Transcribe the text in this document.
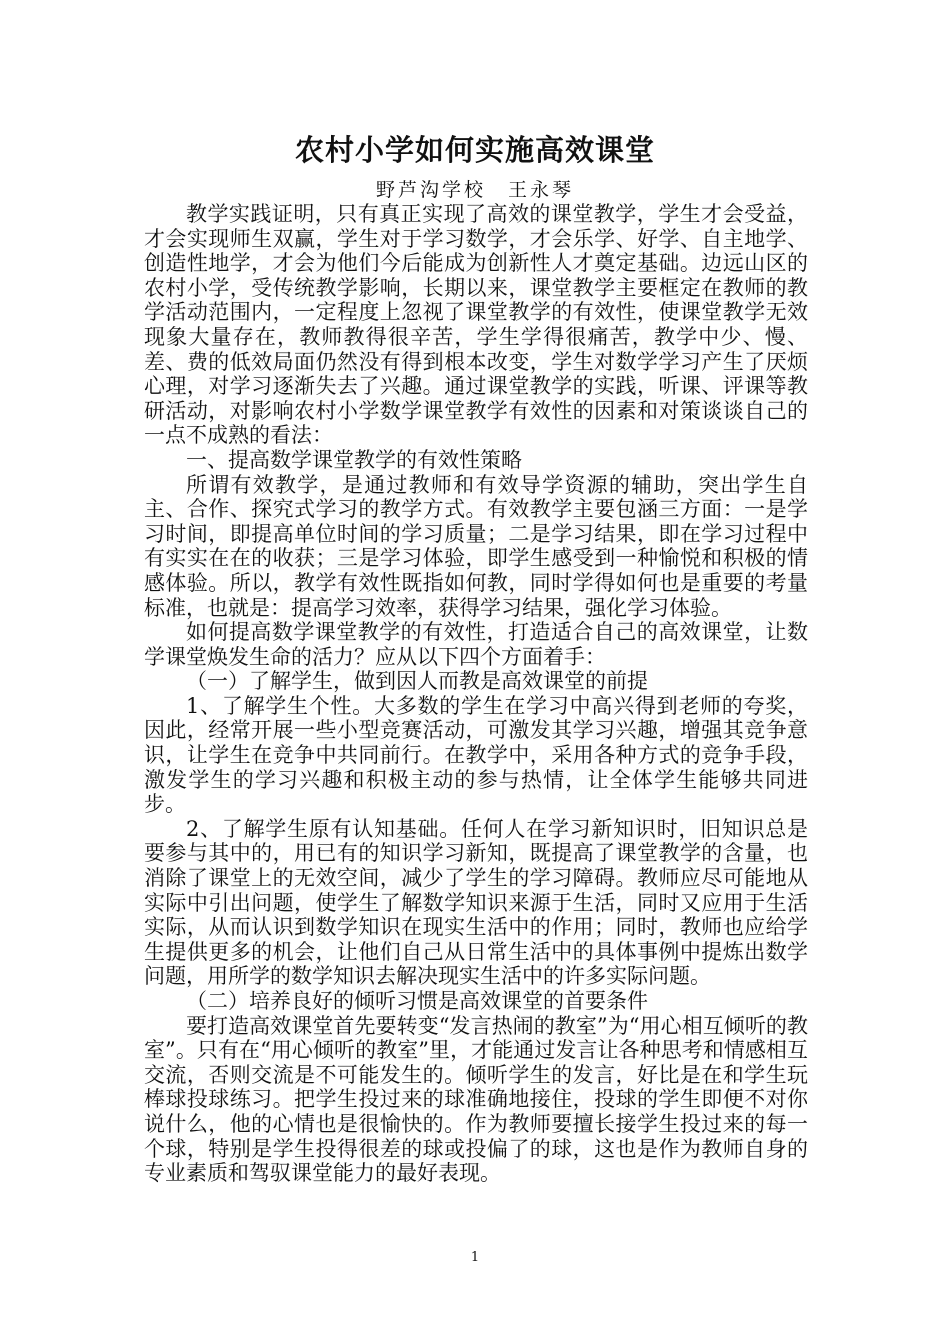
农村小学如何实施高效课堂

野芦沟学校　王永琴

教学实践证明，只有真正实现了高效的课堂教学，学生才会受益，才会实现师生双赢，学生对于学习数学，才会乐学、好学、自主地学、创造性地学，才会为他们今后能成为创新性人才奠定基础。边远山区的农村小学，受传统教学影响，长期以来，课堂教学主要框定在教师的教学活动范围内，一定程度上忽视了课堂教学的有效性，使课堂教学无效现象大量存在，教师教得很辛苦，学生学得很痛苦，教学中少、慢、差、费的低效局面仍然没有得到根本改变，学生对数学学习产生了厌烦心理，对学习逐渐失去了兴趣。通过课堂教学的实践，听课、评课等教研活动，对影响农村小学数学课堂教学有效性的因素和对策谈谈自己的一点不成熟的看法：

一、提高数学课堂教学的有效性策略

所谓有效教学，是通过教师和有效导学资源的辅助，突出学生自主、合作、探究式学习的教学方式。有效教学主要包涵三方面：一是学习时间，即提高单位时间的学习质量；二是学习结果，即在学习过程中有实实在在的收获；三是学习体验，即学生感受到一种愉悦和积极的情感体验。所以，教学有效性既指如何教，同时学得如何也是重要的考量标准，也就是：提高学习效率，获得学习结果，强化学习体验。

如何提高数学课堂教学的有效性，打造适合自己的高效课堂，让数学课堂焕发生命的活力？应从以下四个方面着手：

（一）了解学生，做到因人而教是高效课堂的前提

1、了解学生个性。大多数的学生在学习中高兴得到老师的夸奖，因此，经常开展一些小型竞赛活动，可激发其学习兴趣，增强其竞争意识，让学生在竞争中共同前行。在教学中，采用各种方式的竞争手段，激发学生的学习兴趣和积极主动的参与热情，让全体学生能够共同进步。

2、了解学生原有认知基础。任何人在学习新知识时，旧知识总是要参与其中的，用已有的知识学习新知，既提高了课堂教学的含量，也消除了课堂上的无效空间，减少了学生的学习障碍。教师应尽可能地从实际中引出问题，使学生了解数学知识来源于生活，同时又应用于生活实际，从而认识到数学知识在现实生活中的作用；同时，教师也应给学生提供更多的机会，让他们自己从日常生活中的具体事例中提炼出数学问题，用所学的数学知识去解决现实生活中的许多实际问题。

（二）培养良好的倾听习惯是高效课堂的首要条件

要打造高效课堂首先要转变“发言热闹的教室”为“用心相互倾听的教室”。只有在“用心倾听的教室”里，才能通过发言让各种思考和情感相互交流，否则交流是不可能发生的。倾听学生的发言，好比是在和学生玩棒球投球练习。把学生投过来的球准确地接住，投球的学生即便不对你说什么，他的心情也是很愉快的。作为教师要擅长接学生投过来的每一个球，特别是学生投得很差的球或投偏了的球，这也是作为教师自身的专业素质和驾驭课堂能力的最好表现。

1
